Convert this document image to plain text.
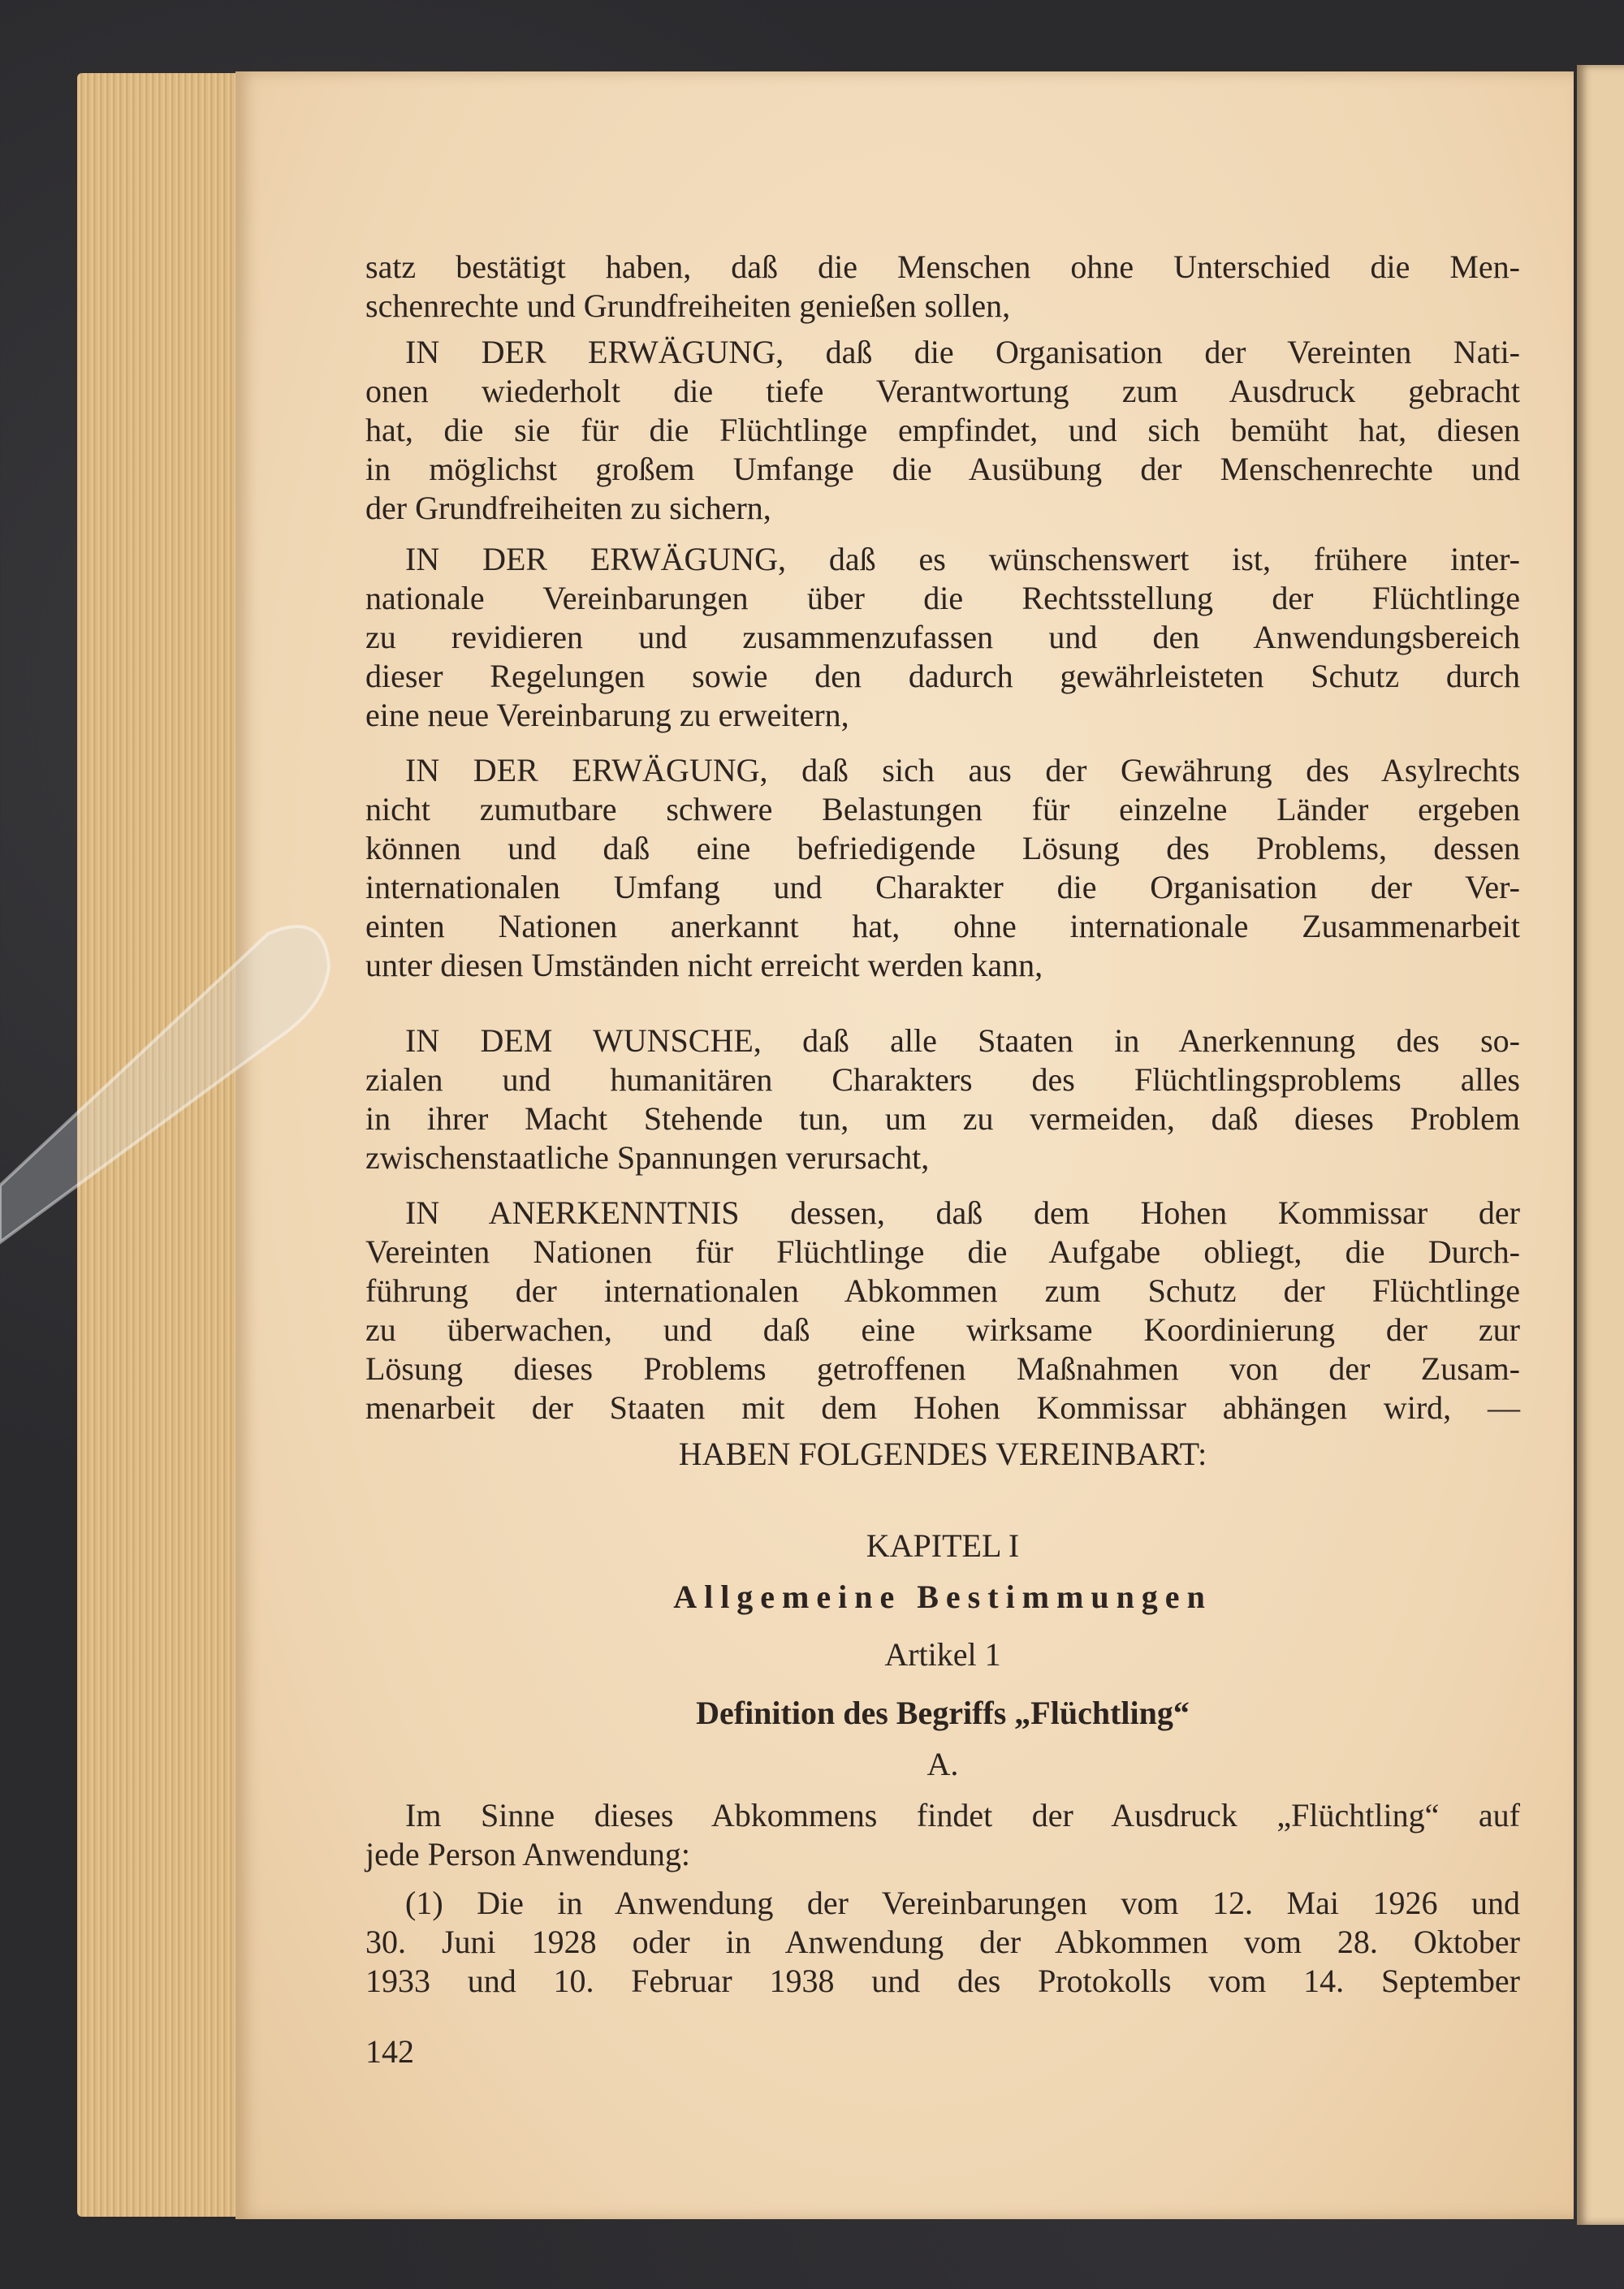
satz bestätigt haben, daß die Menschen ohne Unterschied die Men-
schenrechte und Grundfreiheiten genießen sollen,
IN DER ERWÄGUNG, daß die Organisation der Vereinten Nati-
onen wiederholt die tiefe Verantwortung zum Ausdruck gebracht
hat, die sie für die Flüchtlinge empfindet, und sich bemüht hat, diesen
in möglichst großem Umfange die Ausübung der Menschenrechte und
der Grundfreiheiten zu sichern,
IN DER ERWÄGUNG, daß es wünschenswert ist, frühere inter-
nationale Vereinbarungen über die Rechtsstellung der Flüchtlinge
zu revidieren und zusammenzufassen und den Anwendungsbereich
dieser Regelungen sowie den dadurch gewährleisteten Schutz durch
eine neue Vereinbarung zu erweitern,
IN DER ERWÄGUNG, daß sich aus der Gewährung des Asylrechts
nicht zumutbare schwere Belastungen für einzelne Länder ergeben
können und daß eine befriedigende Lösung des Problems, dessen
internationalen Umfang und Charakter die Organisation der Ver-
einten Nationen anerkannt hat, ohne internationale Zusammenarbeit
unter diesen Umständen nicht erreicht werden kann,
IN DEM WUNSCHE, daß alle Staaten in Anerkennung des so-
zialen und humanitären Charakters des Flüchtlingsproblems alles
in ihrer Macht Stehende tun, um zu vermeiden, daß dieses Problem
zwischenstaatliche Spannungen verursacht,
IN ANERKENNTNIS dessen, daß dem Hohen Kommissar der
Vereinten Nationen für Flüchtlinge die Aufgabe obliegt, die Durch-
führung der internationalen Abkommen zum Schutz der Flüchtlinge
zu überwachen, und daß eine wirksame Koordinierung der zur
Lösung dieses Problems getroffenen Maßnahmen von der Zusam-
menarbeit der Staaten mit dem Hohen Kommissar abhängen wird, —
HABEN FOLGENDES VEREINBART:
KAPITEL I
Allgemeine Bestimmungen
Artikel 1
Definition des Begriffs „Flüchtling“
A.
Im Sinne dieses Abkommens findet der Ausdruck „Flüchtling“ auf
jede Person Anwendung:
(1) Die in Anwendung der Vereinbarungen vom 12. Mai 1926 und
30. Juni 1928 oder in Anwendung der Abkommen vom 28. Oktober
1933 und 10. Februar 1938 und des Protokolls vom 14. September
142
